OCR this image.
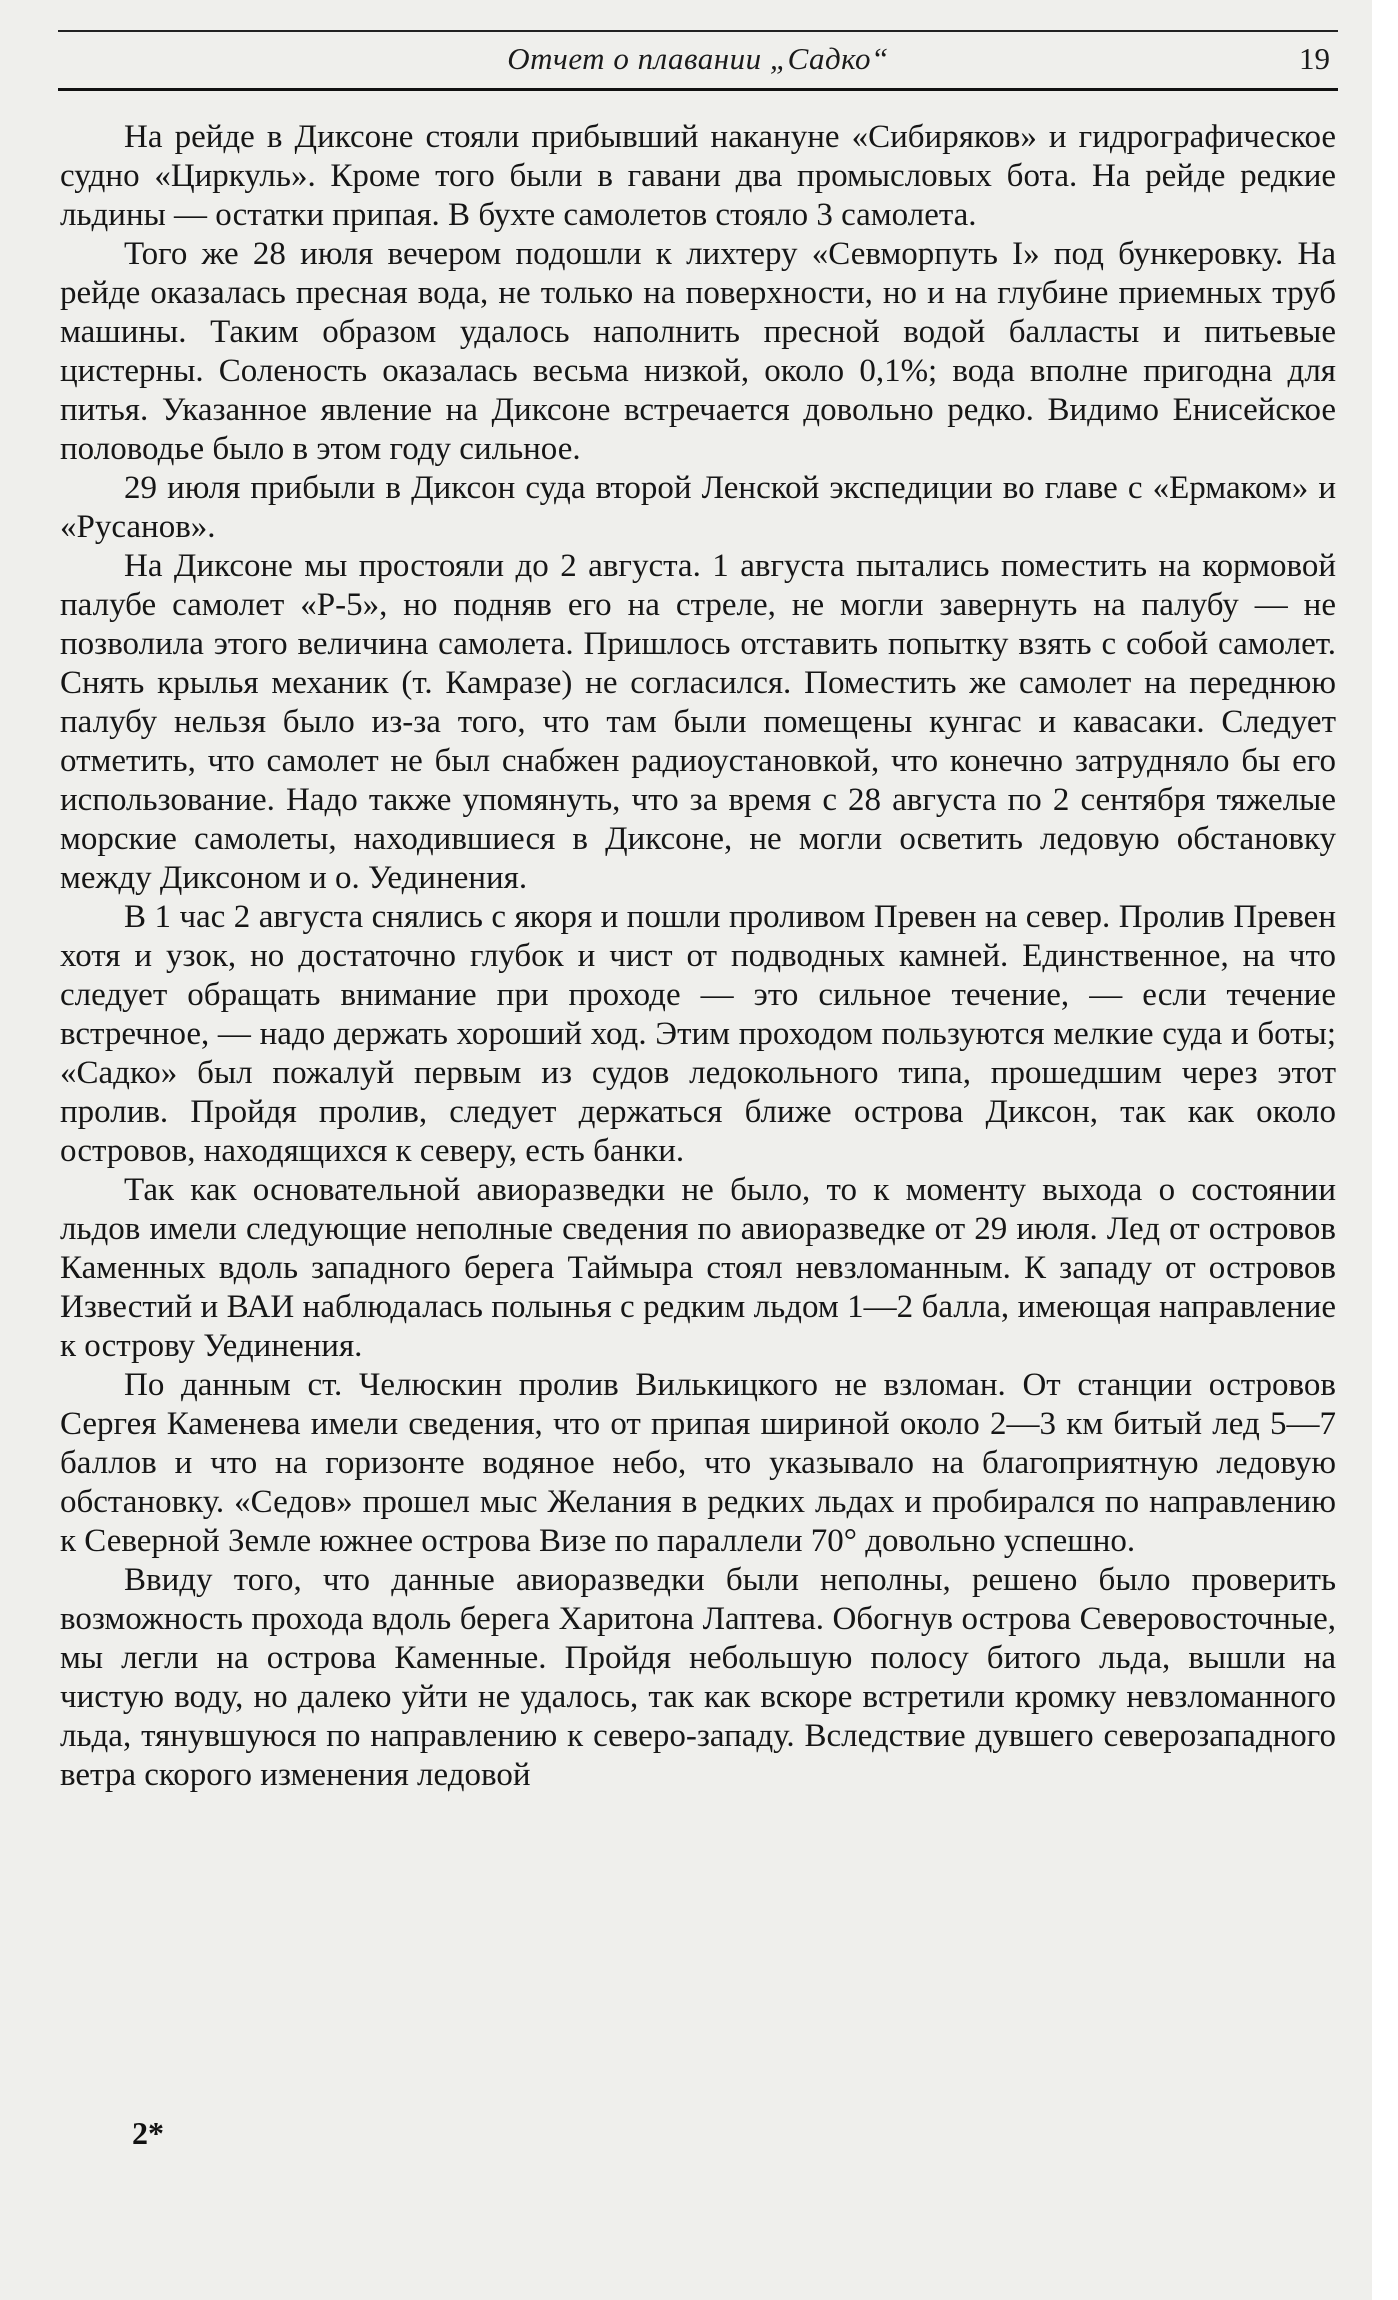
Отчет о плавании „Садко“	19

На рейде в Диксоне стояли прибывший накануне «Сибиряков» и гидрографическое судно «Циркуль». Кроме того были в гавани два промысловых бота. На рейде редкие льдины — остатки припая. В бухте самолетов стояло 3 самолета.

Того же 28 июля вечером подошли к лихтеру «Севморпуть I» под бункеровку. На рейде оказалась пресная вода, не только на поверхности, но и на глубине приемных труб машины. Таким образом удалось наполнить пресной водой балласты и питьевые цистерны. Соленость оказалась весьма низкой, около 0,1%; вода вполне пригодна для питья. Указанное явление на Диксоне встречается довольно редко. Видимо Енисейское половодье было в этом году сильное.

29 июля прибыли в Диксон суда второй Ленской экспедиции во главе с «Ермаком» и «Русанов».

На Диксоне мы простояли до 2 августа. 1 августа пытались поместить на кормовой палубе самолет «Р-5», но подняв его на стреле, не могли завернуть на палубу — не позволила этого величина самолета. Пришлось отставить попытку взять с собой самолет. Снять крылья механик (т. Камразе) не согласился. Поместить же самолет на переднюю палубу нельзя было из-за того, что там были помещены кунгас и кавасаки. Следует отметить, что самолет не был снабжен радиоустановкой, что конечно затрудняло бы его использование. Надо также упомянуть, что за время с 28 августа по 2 сентября тяжелые морские самолеты, находившиеся в Диксоне, не могли осветить ледовую обстановку между Диксоном и о. Уединения.

В 1 час 2 августа снялись с якоря и пошли проливом Превен на север. Пролив Превен хотя и узок, но достаточно глубок и чист от подводных камней. Единственное, на что следует обращать внимание при проходе — это сильное течение, — если течение встречное, — надо держать хороший ход. Этим проходом пользуются мелкие суда и боты; «Садко» был пожалуй первым из судов ледокольного типа, прошедшим через этот пролив. Пройдя пролив, следует держаться ближе острова Диксон, так как около островов, находящихся к северу, есть банки.

Так как основательной авиоразведки не было, то к моменту выхода о состоянии льдов имели следующие неполные сведения по авиоразведке от 29 июля. Лед от островов Каменных вдоль западного берега Таймыра стоял невзломанным. К западу от островов Известий и ВАИ наблюдалась полынья с редким льдом 1—2 балла, имеющая направление к острову Уединения.

По данным ст. Челюскин пролив Вилькицкого не взломан. От станции островов Сергея Каменева имели сведения, что от припая шириной около 2—3 км битый лед 5—7 баллов и что на горизонте водяное небо, что указывало на благоприятную ледовую обстановку. «Седов» прошел мыс Желания в редких льдах и пробирался по направлению к Северной Земле южнее острова Визе по параллели 70° довольно успешно.

Ввиду того, что данные авиоразведки были неполны, решено было проверить возможность прохода вдоль берега Харитона Лаптева. Обогнув острова Северовосточные, мы легли на острова Каменные. Пройдя небольшую полосу битого льда, вышли на чистую воду, но далеко уйти не удалось, так как вскоре встретили кромку невзломанного льда, тянувшуюся по направлению к северо-западу. Вследствие дувшего северозападного ветра скорого изменения ледовой

2*
